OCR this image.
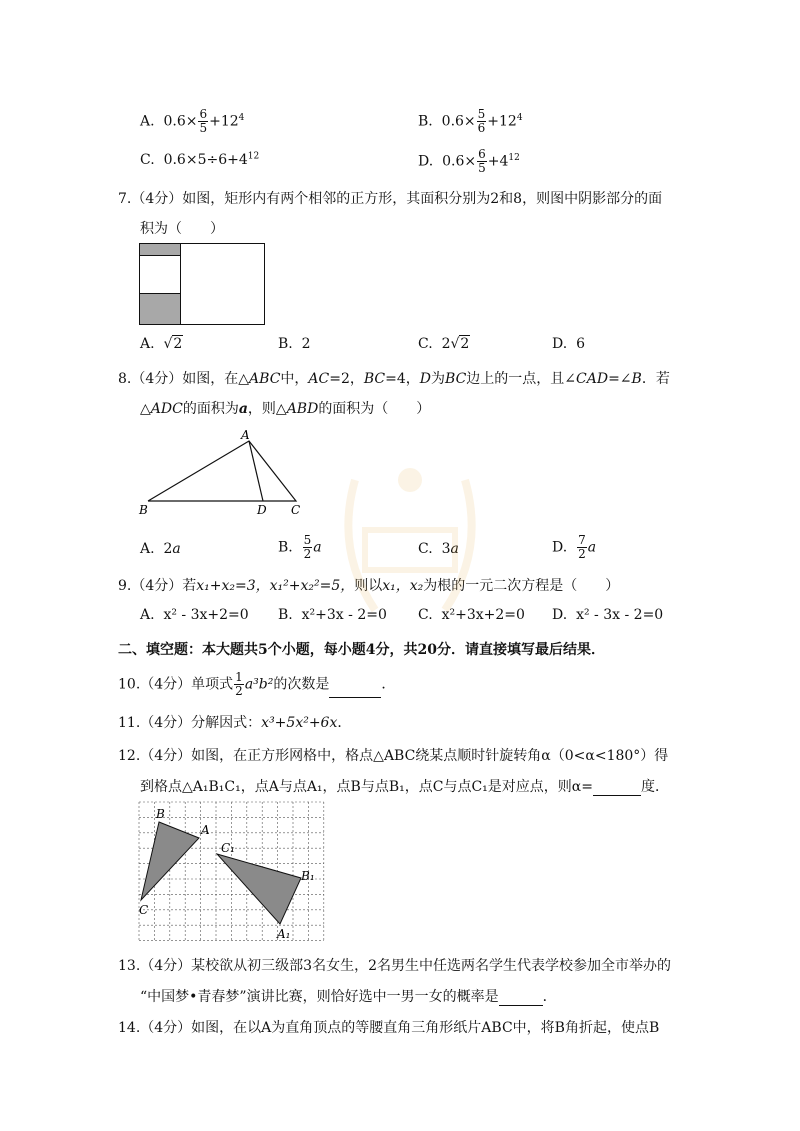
A. $0.6\times \frac{6}{5} +12^4$	B. $0.6\times \frac{5}{6} +12^4$
C. $0.6\times 5\div 6+4^{12}$	D. $0.6\times \frac{6}{5} +4^{12}$
7.（4分）如图，矩形内有两个相邻的正方形，其面积分别为2和8，则图中阴影部分的面
积为（　　）
A. √2	B. 2	C. 2√2	D. 6
8.（4分）如图，在△ABC中，AC=2，BC=4，D为BC边上的一点，且∠CAD=∠B．若
△ADC的面积为a，则△ABD的面积为（　　）
A
B	D C
A. 2a	B. $\frac{5}{2}$ a	C. 3a	D. $\frac{7}{2}$ a
9.（4分）若x₁+x₂=3，x₁²+x₂²=5，则以x₁，x₂为根的一元二次方程是（　　）
A. x² - 3x+2=0 B. x²+3x - 2=0 C. x²+3x+2=0 D. x² - 3x - 2=0
二、填空题：本大题共5个小题，每小题4分，共20分．请直接填写最后结果．
10.（4分）单项式 $\frac{1}{2} a^3b^2$的次数是	．
11.（4分）分解因式：x³+5x²+6x．
12.（4分）如图，在正方形网格中，格点△ABC绕某点顺时针旋转角α（0<α<180°）得
到格点△A₁B₁C₁，点A与点A₁，点B与点B₁，点C与点C₁是对应点，则α=	度．
B
A
C
C₁
B₁
A₁
13.（4分）某校欲从初三级部3名女生，2名男生中任选两名学生代表学校参加全市举办的
“中国梦•青春梦”演讲比赛，则恰好选中一男一女的概率是	．
14.（4分）如图，在以A为直角顶点的等腰直角三角形纸片ABC中，将B角折起，使点B
